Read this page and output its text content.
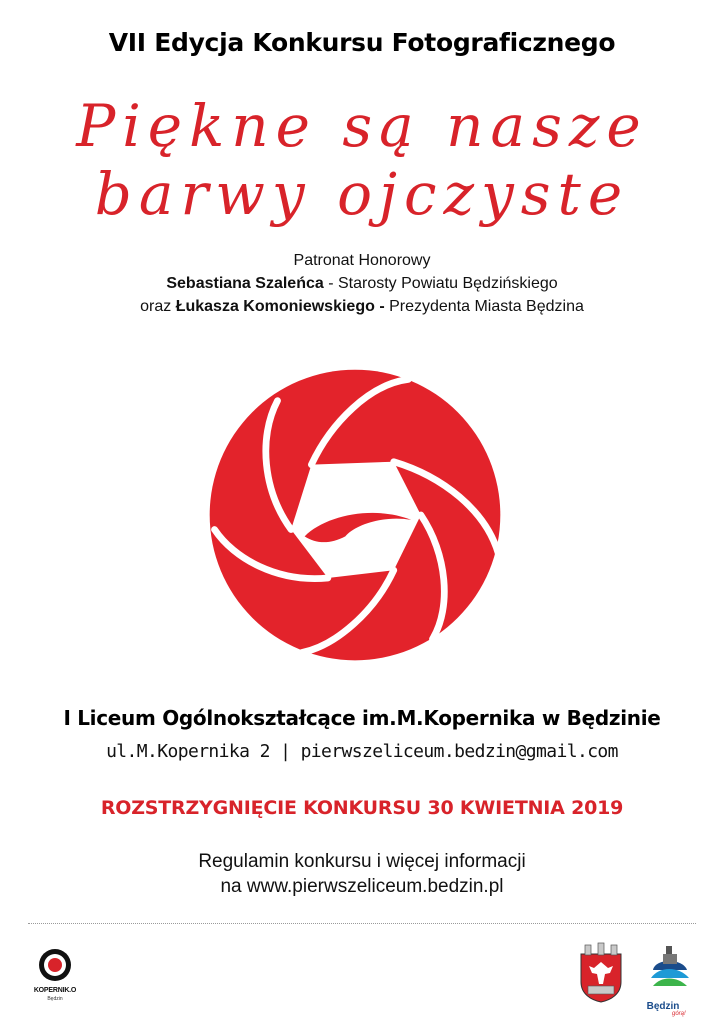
VII Edycja Konkursu Fotograficznego
Piękne są nasze
barwy ojczyste
Patronat Honorowy
Sebastiana Szaleńca - Starosty Powiatu Będzińskiego
oraz Łukasza Komoniewskiego - Prezydenta Miasta Będzina
I Liceum Ogólnokształcące im.M.Kopernika w Będzinie
ul.M.Kopernika 2 | pierwszeliceum.bedzin@gmail.com
ROZSTRZYGNIĘCIE KONKURSU 30 KWIETNIA 2019
Regulamin konkursu i więcej informacji
na www.pierwszeliceum.bedzin.pl
KOPERNIK.O
Będzin
Będzin
górą!
